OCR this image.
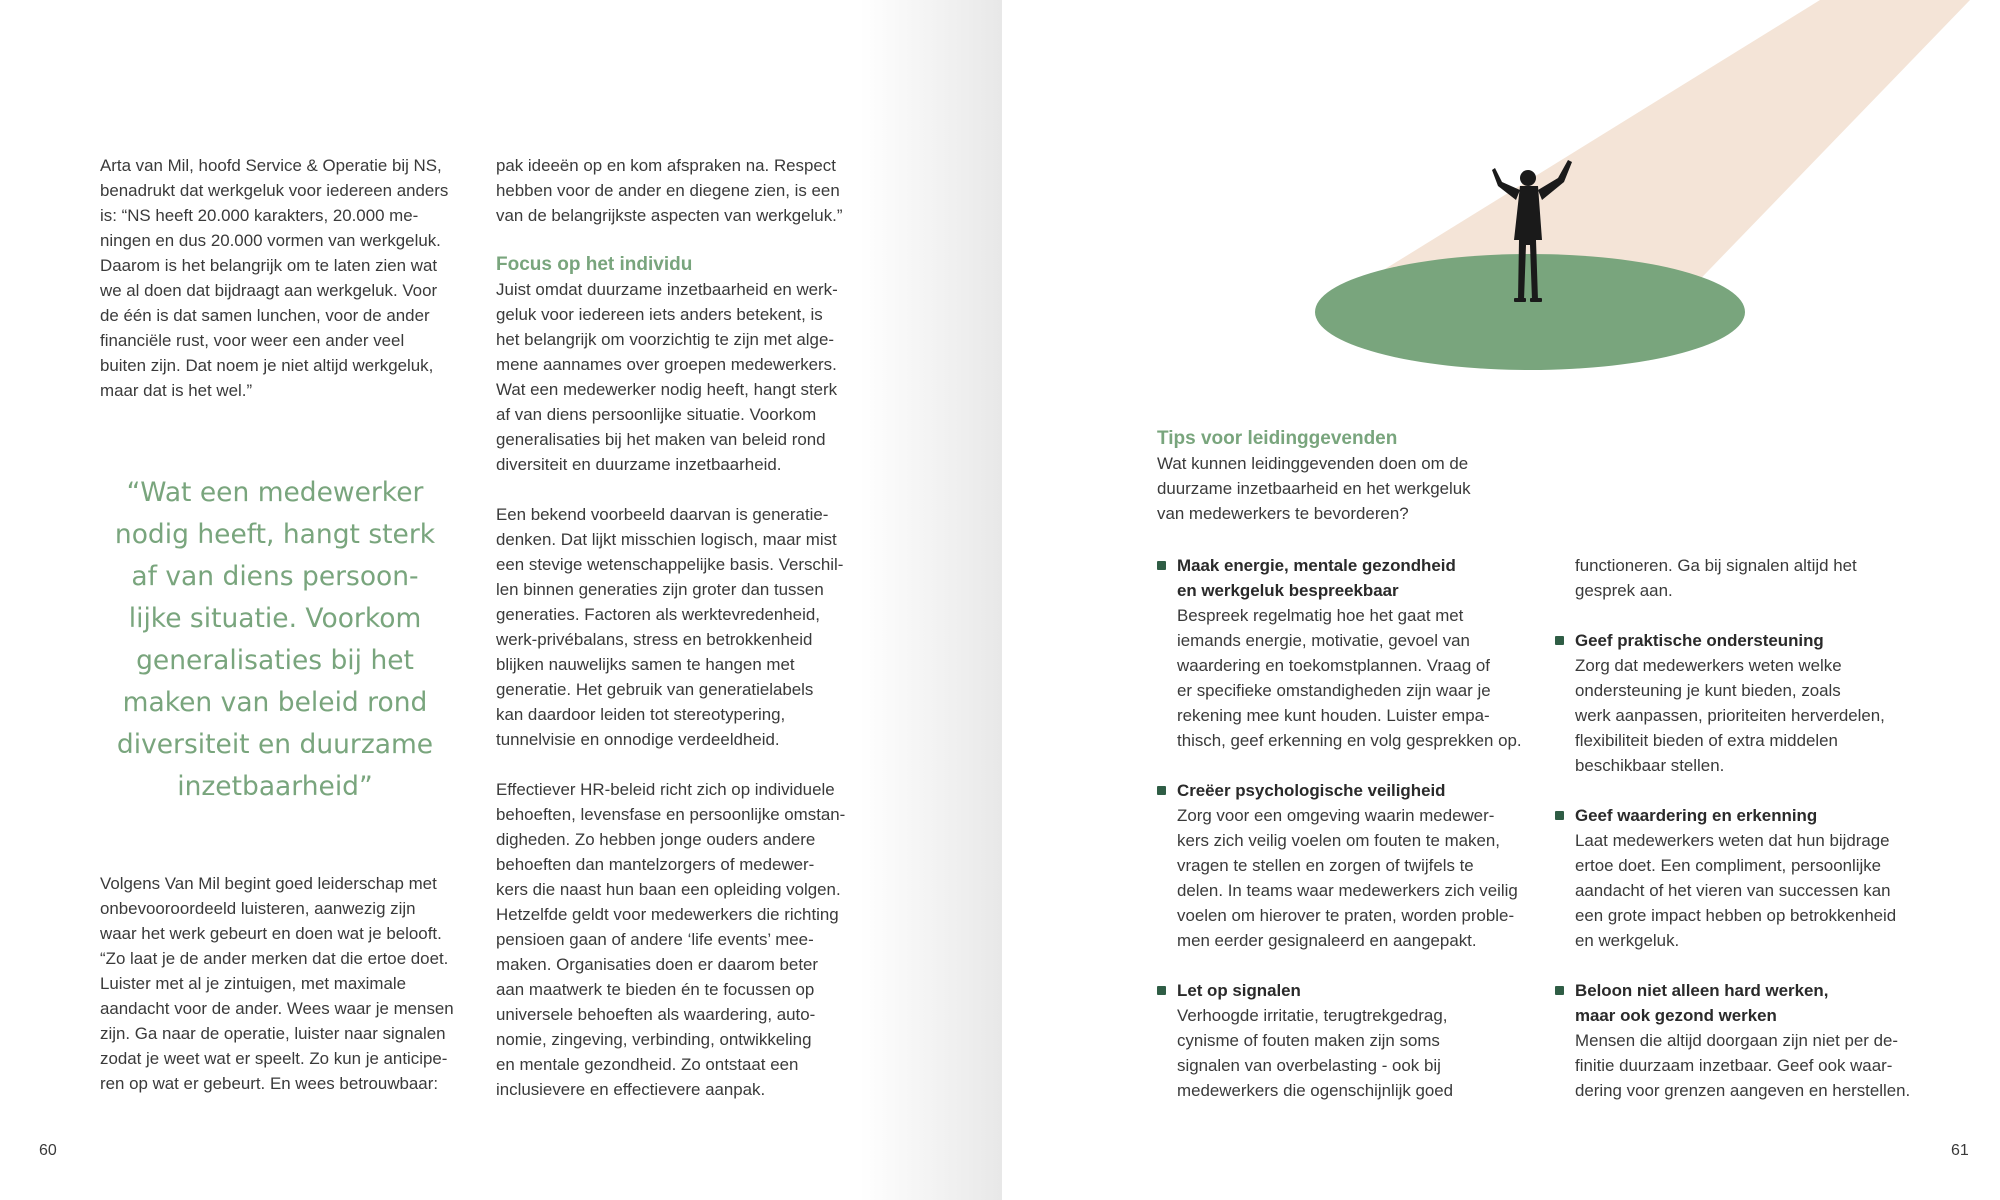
Arta van Mil, hoofd Service & Operatie bij NS,
benadrukt dat werkgeluk voor iedereen anders
is: “NS heeft 20.000 karakters, 20.000 me-
ningen en dus 20.000 vormen van werkgeluk.
Daarom is het belangrijk om te laten zien wat
we al doen dat bijdraagt aan werkgeluk. Voor
de één is dat samen lunchen, voor de ander
financiële rust, voor weer een ander veel
buiten zijn. Dat noem je niet altijd werkgeluk,
maar dat is het wel.”

“Wat een medewerker
nodig heeft, hangt sterk
af van diens persoon-
lijke situatie. Voorkom
generalisaties bij het
maken van beleid rond
diversiteit en duurzame
inzetbaarheid”

Volgens Van Mil begint goed leiderschap met
onbevooroordeeld luisteren, aanwezig zijn
waar het werk gebeurt en doen wat je belooft.
“Zo laat je de ander merken dat die ertoe doet.
Luister met al je zintuigen, met maximale
aandacht voor de ander. Wees waar je mensen
zijn. Ga naar de operatie, luister naar signalen
zodat je weet wat er speelt. Zo kun je anticipe-
ren op wat er gebeurt. En wees betrouwbaar:

pak ideeën op en kom afspraken na. Respect
hebben voor de ander en diegene zien, is een
van de belangrijkste aspecten van werkgeluk.”

Focus op het individu

Juist omdat duurzame inzetbaarheid en werk-
geluk voor iedereen iets anders betekent, is
het belangrijk om voorzichtig te zijn met alge-
mene aannames over groepen medewerkers.
Wat een medewerker nodig heeft, hangt sterk
af van diens persoonlijke situatie. Voorkom
generalisaties bij het maken van beleid rond
diversiteit en duurzame inzetbaarheid.

Een bekend voorbeeld daarvan is generatie-
denken. Dat lijkt misschien logisch, maar mist
een stevige wetenschappelijke basis. Verschil-
len binnen generaties zijn groter dan tussen
generaties. Factoren als werktevredenheid,
werk-privébalans, stress en betrokkenheid
blijken nauwelijks samen te hangen met
generatie. Het gebruik van generatielabels
kan daardoor leiden tot stereotypering,
tunnelvisie en onnodige verdeeldheid.

Effectiever HR-beleid richt zich op individuele
behoeften, levensfase en persoonlijke omstan-
digheden. Zo hebben jonge ouders andere
behoeften dan mantelzorgers of medewer-
kers die naast hun baan een opleiding volgen.
Hetzelfde geldt voor medewerkers die richting
pensioen gaan of andere ‘life events’ mee-
maken. Organisaties doen er daarom beter
aan maatwerk te bieden én te focussen op
universele behoeften als waardering, auto-
nomie, zingeving, verbinding, ontwikkeling
en mentale gezondheid. Zo ontstaat een
inclusievere en effectievere aanpak.

60

Tips voor leidinggevenden

Wat kunnen leidinggevenden doen om de
duurzame inzetbaarheid en het werkgeluk
van medewerkers te bevorderen?

Maak energie, mentale gezondheid
en werkgeluk bespreekbaar

Bespreek regelmatig hoe het gaat met
iemands energie, motivatie, gevoel van
waardering en toekomstplannen. Vraag of
er specifieke omstandigheden zijn waar je
rekening mee kunt houden. Luister empa-
thisch, geef erkenning en volg gesprekken op.

Creëer psychologische veiligheid

Zorg voor een omgeving waarin medewer-
kers zich veilig voelen om fouten te maken,
vragen te stellen en zorgen of twijfels te
delen. In teams waar medewerkers zich veilig
voelen om hierover te praten, worden proble-
men eerder gesignaleerd en aangepakt.

Let op signalen

Verhoogde irritatie, terugtrekgedrag,
cynisme of fouten maken zijn soms
signalen van overbelasting - ook bij
medewerkers die ogenschijnlijk goed

functioneren. Ga bij signalen altijd het
gesprek aan.

Geef praktische ondersteuning

Zorg dat medewerkers weten welke
ondersteuning je kunt bieden, zoals
werk aanpassen, prioriteiten herverdelen,
flexibiliteit bieden of extra middelen
beschikbaar stellen.

Geef waardering en erkenning

Laat medewerkers weten dat hun bijdrage
ertoe doet. Een compliment, persoonlijke
aandacht of het vieren van successen kan
een grote impact hebben op betrokkenheid
en werkgeluk.

Beloon niet alleen hard werken,
maar ook gezond werken

Mensen die altijd doorgaan zijn niet per de-
finitie duurzaam inzetbaar. Geef ook waar-
dering voor grenzen aangeven en herstellen.

61
